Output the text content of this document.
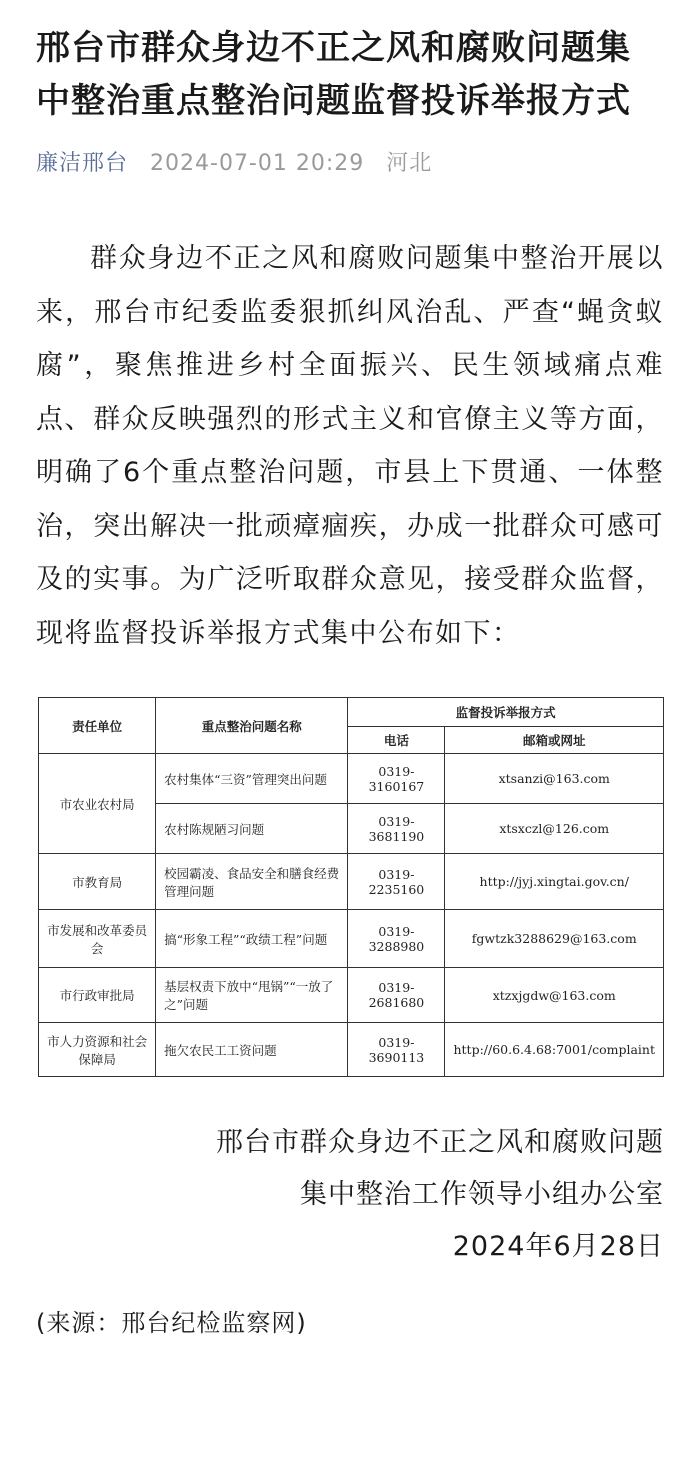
邢台市群众身边不正之风和腐败问题集中整治重点整治问题监督投诉举报方式
廉洁邢台 2024-07-01 20:29 河北

群众身边不正之风和腐败问题集中整治开展以来，邢台市纪委监委狠抓纠风治乱、严查“蝇贪蚁腐”，聚焦推进乡村全面振兴、民生领域痛点难点、群众反映强烈的形式主义和官僚主义等方面，明确了6个重点整治问题，市县上下贯通、一体整治，突出解决一批顽瘴痼疾，办成一批群众可感可及的实事。为广泛听取群众意见，接受群众监督，现将监督投诉举报方式集中公布如下：

责任单位	重点整治问题名称	监督投诉举报方式	
		电话	邮箱或网址
市农业农村局	农村集体“三资”管理突出问题	0319-3160167	xtsanzi@163.com
	农村陈规陋习问题	0319-3681190	xtsxczl@126.com
市教育局	校园霸凌、食品安全和膳食经费管理问题	0319-2235160	http://jyj.xingtai.gov.cn/
市发展和改革委员会	搞“形象工程”“政绩工程”问题	0319-3288980	fgwtzk3288629@163.com
市行政审批局	基层权责下放中“甩锅”“一放了之”问题	0319-2681680	xtzxjgdw@163.com
市人力资源和社会保障局	拖欠农民工工资问题	0319-3690113	http://60.6.4.68:7001/complaint
邢台市群众身边不正之风和腐败问题
集中整治工作领导小组办公室
2024年6月28日
(来源：邢台纪检监察网)
